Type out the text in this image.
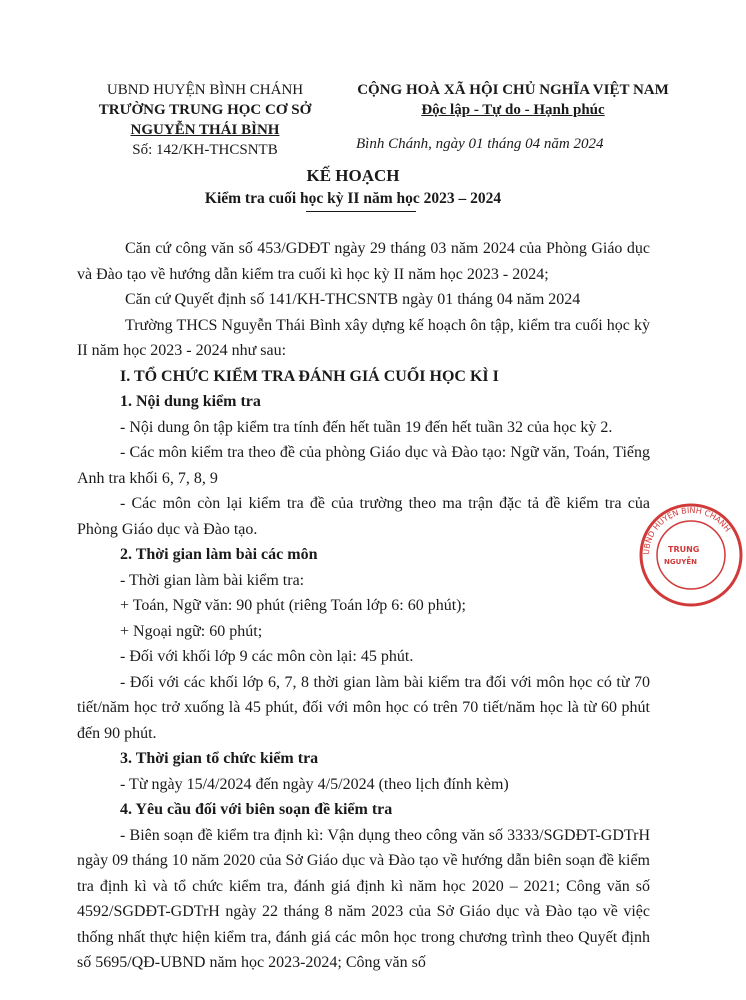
UBND HUYỆN BÌNH CHÁNH
TRƯỜNG TRUNG HỌC CƠ SỞ
NGUYỄN THÁI BÌNH
Số: 142/KH-THCSNTB
CỘNG HOÀ XÃ HỘI CHỦ NGHĨA VIỆT NAM
Độc lập - Tự do - Hạnh phúc
Bình Chánh, ngày 01 tháng 04 năm 2024
KẾ HOẠCH
Kiểm tra cuối học kỳ II năm học 2023 – 2024

Căn cứ công văn số 453/GDĐT ngày 29 tháng 03 năm 2024 của Phòng Giáo dục và Đào tạo về hướng dẫn kiểm tra cuối kì học kỳ II năm học 2023 - 2024;

Căn cứ Quyết định số 141/KH-THCSNTB ngày 01 tháng 04 năm 2024

Trường THCS Nguyễn Thái Bình xây dựng kế hoạch ôn tập, kiểm tra cuối học kỳ II năm học 2023 - 2024 như sau:

I. TỔ CHỨC KIỂM TRA ĐÁNH GIÁ CUỐI HỌC KÌ I

1. Nội dung kiểm tra

- Nội dung ôn tập kiểm tra tính đến hết tuần 19 đến hết tuần 32 của học kỳ 2.

- Các môn kiểm tra theo đề của phòng Giáo dục và Đào tạo: Ngữ văn, Toán, Tiếng Anh tra khối 6, 7, 8, 9

- Các môn còn lại kiểm tra đề của trường theo ma trận đặc tả đề kiểm tra của Phòng Giáo dục và Đào tạo.

2. Thời gian làm bài các môn

- Thời gian làm bài kiểm tra:

+ Toán, Ngữ văn: 90 phút (riêng Toán lớp 6: 60 phút);

+ Ngoại ngữ: 60 phút;

- Đối với khối lớp 9 các môn còn lại: 45 phút.

- Đối với các khối lớp 6, 7, 8 thời gian làm bài kiểm tra đối với môn học có từ 70 tiết/năm học trở xuống là 45 phút, đối với môn học có trên 70 tiết/năm học là từ 60 phút đến 90 phút.

3. Thời gian tổ chức kiểm tra

- Từ ngày 15/4/2024 đến ngày 4/5/2024 (theo lịch đính kèm)

4. Yêu cầu đối với biên soạn đề kiểm tra

- Biên soạn đề kiểm tra định kì: Vận dụng theo công văn số 3333/SGDĐT-GDTrH ngày 09 tháng 10 năm 2020 của Sở Giáo dục và Đào tạo về hướng dẫn biên soạn đề kiểm tra định kì và tổ chức kiểm tra, đánh giá định kì năm học 2020 – 2021; Công văn số 4592/SGDĐT-GDTrH ngày 22 tháng 8 năm 2023 của Sở Giáo dục và Đào tạo về việc thống nhất thực hiện kiểm tra, đánh giá các môn học trong chương trình theo Quyết định số 5695/QĐ-UBND năm học 2023-2024; Công văn số

UBND HUYỆN BÌNH CHÁNH
TRUNG
NGUYỄN
